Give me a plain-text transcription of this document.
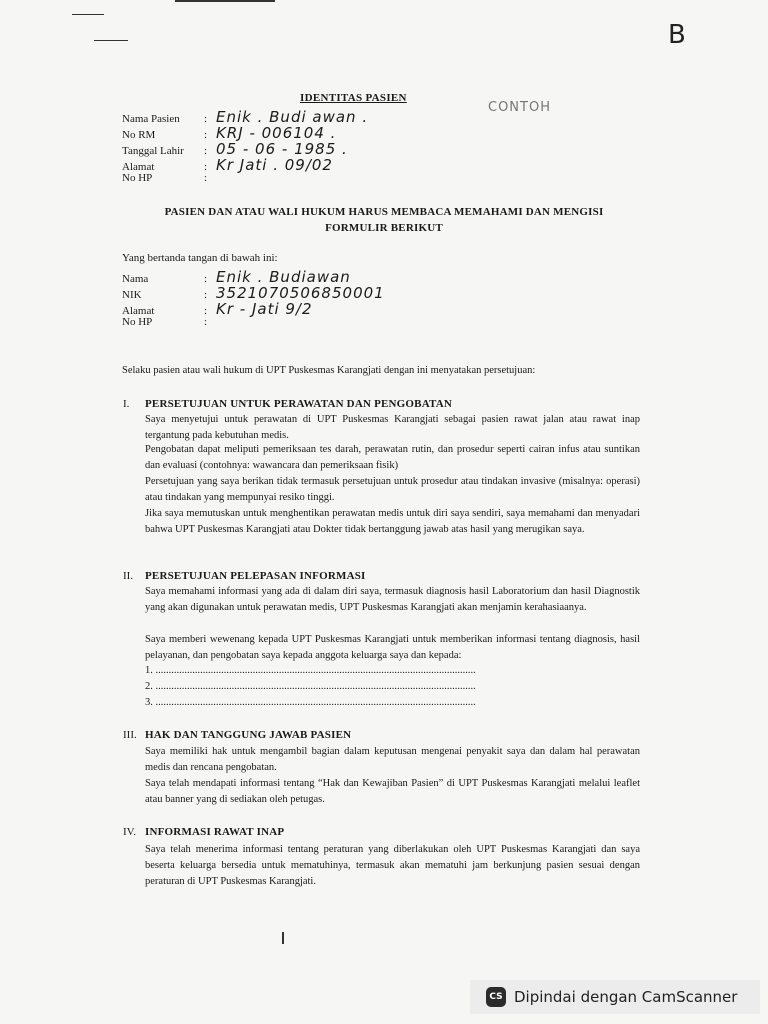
B
IDENTITAS PASIEN
CONTOH
Nama Pasien	: Enik . Budi awan .
No RM	: KRJ - 006104 .
Tanggal Lahir	: 05 - 06 - 1985 .
Alamat	: Kr Jati . 09/02
No HP	:
PASIEN DAN ATAU WALI HUKUM HARUS MEMBACA MEMAHAMI DAN MENGISI
FORMULIR BERIKUT
Yang bertanda tangan di bawah ini:
Nama	: Enik . Budiawan
NIK	: 3521070506850001
Alamat	: Kr - Jati 9/2
No HP	:
Selaku pasien atau wali hukum di UPT Puskesmas Karangjati dengan ini menyatakan persetujuan:
I. PERSETUJUAN UNTUK PERAWATAN DAN PENGOBATAN
Saya menyetujui untuk perawatan di UPT Puskesmas Karangjati sebagai pasien rawat jalan atau rawat inap tergantung pada kebutuhan medis.
Pengobatan dapat meliputi pemeriksaan tes darah, perawatan rutin, dan prosedur seperti cairan infus atau suntikan dan evaluasi (contohnya: wawancara dan pemeriksaan fisik)
Persetujuan yang saya berikan tidak termasuk persetujuan untuk prosedur atau tindakan invasive (misalnya: operasi) atau tindakan yang mempunyai resiko tinggi.
Jika saya memutuskan untuk menghentikan perawatan medis untuk diri saya sendiri, saya memahami dan menyadari bahwa UPT Puskesmas Karangjati atau Dokter tidak bertanggung jawab atas hasil yang merugikan saya.
II. PERSETUJUAN PELEPASAN INFORMASI
Saya memahami informasi yang ada di dalam diri saya, termasuk diagnosis hasil Laboratorium dan hasil Diagnostik yang akan digunakan untuk perawatan medis, UPT Puskesmas Karangjati akan menjamin kerahasiaanya.
Saya memberi wewenang kepada UPT Puskesmas Karangjati untuk memberikan informasi tentang diagnosis, hasil pelayanan, dan pengobatan saya kepada anggota keluarga saya dan kepada:
1. ..........................................................................................................................
2. ..........................................................................................................................
3. ..........................................................................................................................
III. HAK DAN TANGGUNG JAWAB PASIEN
Saya memiliki hak untuk mengambil bagian dalam keputusan mengenai penyakit saya dan dalam hal perawatan medis dan rencana pengobatan.
Saya telah mendapati informasi tentang “Hak dan Kewajiban Pasien” di UPT Puskesmas Karangjati melalui leaflet atau banner yang di sediakan oleh petugas.
IV. INFORMASI RAWAT INAP
Saya telah menerima informasi tentang peraturan yang diberlakukan oleh UPT Puskesmas Karangjati dan saya beserta keluarga bersedia untuk mematuhinya, termasuk akan mematuhi jam berkunjung pasien sesuai dengan peraturan di UPT Puskesmas Karangjati.
CS Dipindai dengan CamScanner
